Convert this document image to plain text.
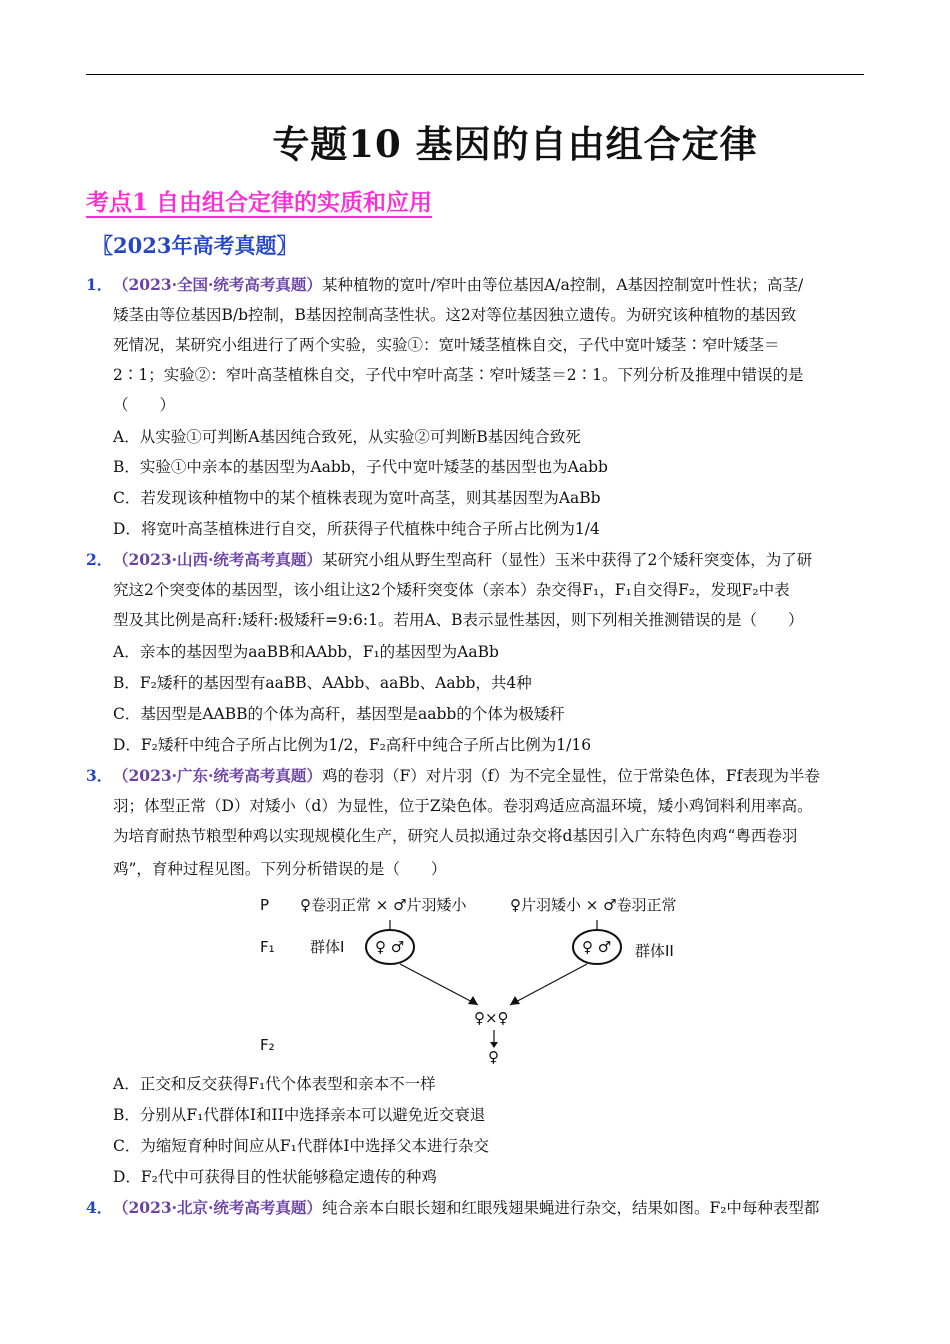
专题10 基因的自由组合定律
考点1 自由组合定律的实质和应用
〖2023年高考真题〗
1．（2023·全国·统考高考真题）某种植物的宽叶/窄叶由等位基因A/a控制，A基因控制宽叶性状；高茎/
矮茎由等位基因B/b控制，B基因控制高茎性状。这2对等位基因独立遗传。为研究该种植物的基因致
死情况，某研究小组进行了两个实验，实验①：宽叶矮茎植株自交，子代中宽叶矮茎∶窄叶矮茎＝
2∶1；实验②：窄叶高茎植株自交，子代中窄叶高茎∶窄叶矮茎＝2∶1。下列分析及推理中错误的是
（　　）
A．从实验①可判断A基因纯合致死，从实验②可判断B基因纯合致死
B．实验①中亲本的基因型为Aabb，子代中宽叶矮茎的基因型也为Aabb
C．若发现该种植物中的某个植株表现为宽叶高茎，则其基因型为AaBb
D．将宽叶高茎植株进行自交，所获得子代植株中纯合子所占比例为1/4
2．（2023·山西·统考高考真题）某研究小组从野生型高秆（显性）玉米中获得了2个矮秆突变体，为了研
究这2个突变体的基因型，该小组让这2个矮秆突变体（亲本）杂交得F₁，F₁自交得F₂，发现F₂中表
型及其比例是高秆:矮秆:极矮秆=9:6:1。若用A、B表示显性基因，则下列相关推测错误的是（　　）
A．亲本的基因型为aaBB和AAbb，F₁的基因型为AaBb
B．F₂矮秆的基因型有aaBB、AAbb、aaBb、Aabb，共4种
C．基因型是AABB的个体为高秆，基因型是aabb的个体为极矮秆
D．F₂矮秆中纯合子所占比例为1/2，F₂高秆中纯合子所占比例为1/16
3．（2023·广东·统考高考真题）鸡的卷羽（F）对片羽（f）为不完全显性，位于常染色体，Ff表现为半卷
羽；体型正常（D）对矮小（d）为显性，位于Z染色体。卷羽鸡适应高温环境，矮小鸡饲料利用率高。
为培育耐热节粮型种鸡以实现规模化生产，研究人员拟通过杂交将d基因引入广东特色肉鸡“粤西卷羽
鸡”，育种过程见图。下列分析错误的是（　　）
P
F₁
F₂
♀卷羽正常 × ♂片羽矮小	♀片羽矮小 × ♂卷羽正常
群体I	群体II
♀ ♂	♀ ♂
♀×♀
♀
A．正交和反交获得F₁代个体表型和亲本不一样
B．分别从F₁代群体I和II中选择亲本可以避免近交衰退
C．为缩短育种时间应从F₁代群体I中选择父本进行杂交
D．F₂代中可获得目的性状能够稳定遗传的种鸡
4．（2023·北京·统考高考真题）纯合亲本白眼长翅和红眼残翅果蝇进行杂交，结果如图。F₂中每种表型都
